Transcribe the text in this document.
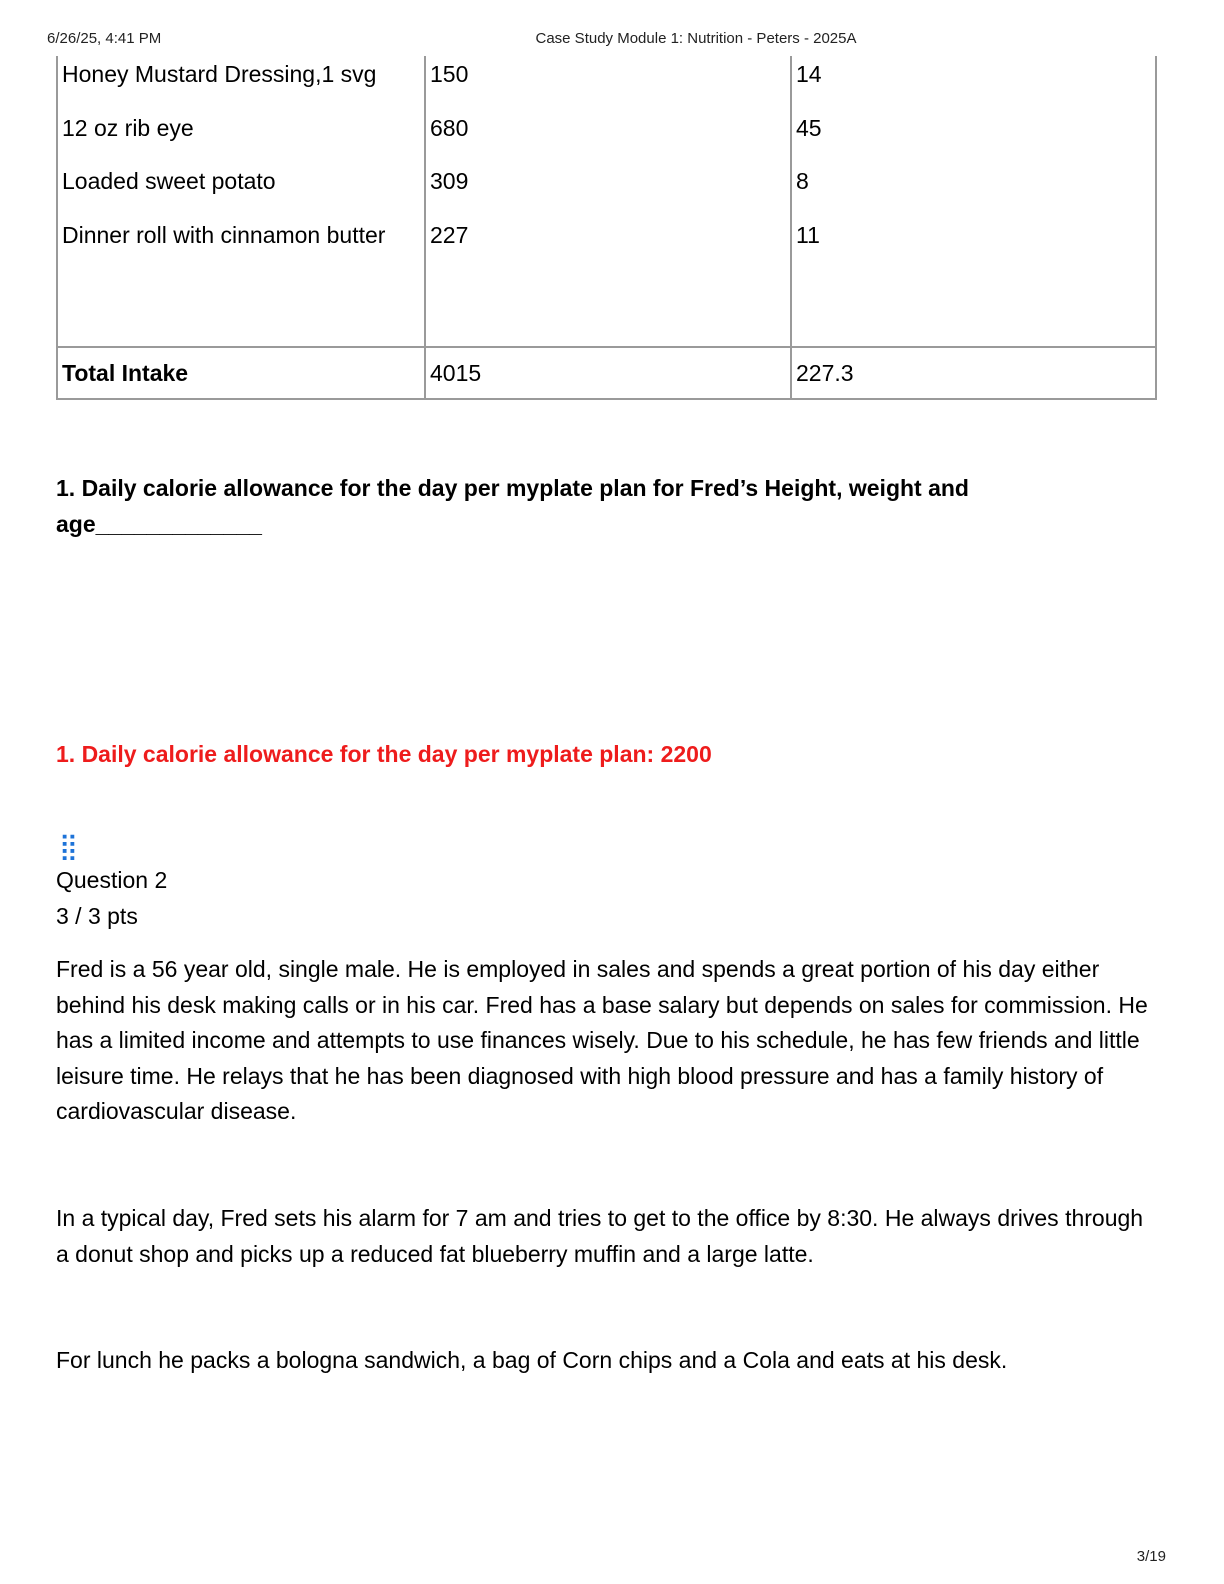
6/26/25, 4:41 PM	Case Study Module 1: Nutrition - Peters - 2025A
Honey Mustard Dressing,1 svg	150	14
12 oz rib eye	680	45
Loaded sweet potato	309	8
Dinner roll with cinnamon butter	227	11

Total Intake	4015	227.3
1. Daily calorie allowance for the day per myplate plan for Fred’s Height, weight and age_____________
1. Daily calorie allowance for the day per myplate plan: 2200
⣿
Question 2
3 / 3 pts

Fred is a 56 year old, single male. He is employed in sales and spends a great portion of his day either behind his desk making calls or in his car. Fred has a base salary but depends on sales for commission. He has a limited income and attempts to use finances wisely. Due to his schedule, he has few friends and little leisure time. He relays that he has been diagnosed with high blood pressure and has a family history of cardiovascular disease.

In a typical day, Fred sets his alarm for 7 am and tries to get to the office by 8:30. He always drives through a donut shop and picks up a reduced fat blueberry muffin and a large latte.

For lunch he packs a bologna sandwich, a bag of Corn chips and a Cola and eats at his desk.

3/19
